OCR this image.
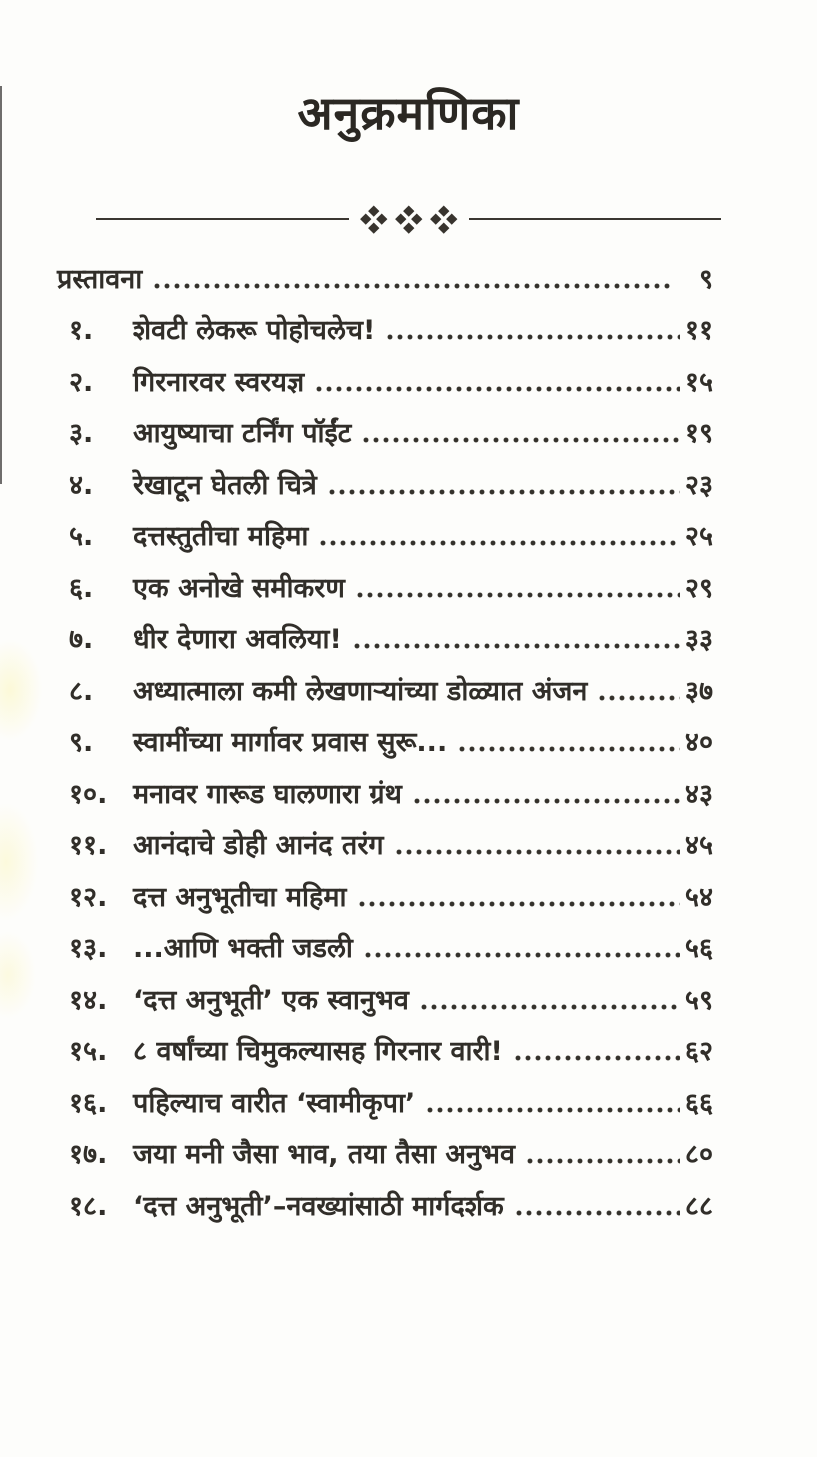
अनुक्रमणिका
प्रस्तावना	९
१.	शेवटी लेकरू पोहोचलेच!	११
२.	गिरनारवर स्वरयज्ञ	१५
३.	आयुष्याचा टर्निंग पॉईंट	१९
४.	रेखाटून घेतली चित्रे	२३
५.	दत्तस्तुतीचा महिमा	२५
६.	एक अनोखे समीकरण	२९
७.	धीर देणारा अवलिया!	३३
८.	अध्यात्माला कमी लेखणाऱ्यांच्या डोळ्यात अंजन	३७
९.	स्वामींच्या मार्गावर प्रवास सुरू...	४०
१०. मनावर गारूड घालणारा ग्रंथ	४३
११. आनंदाचे डोही आनंद तरंग	४५
१२. दत्त अनुभूतीचा महिमा	५४
१३. ...आणि भक्ती जडली	५६
१४. ‘दत्त अनुभूती’ एक स्वानुभव	५९
१५. ८ वर्षांच्या चिमुकल्यासह गिरनार वारी!	६२
१६. पहिल्याच वारीत ‘स्वामीकृपा’	६६
१७. जया मनी जैसा भाव, तया तैसा अनुभव	८०
१८. ‘दत्त अनुभूती’–नवख्यांसाठी मार्गदर्शक	८८
